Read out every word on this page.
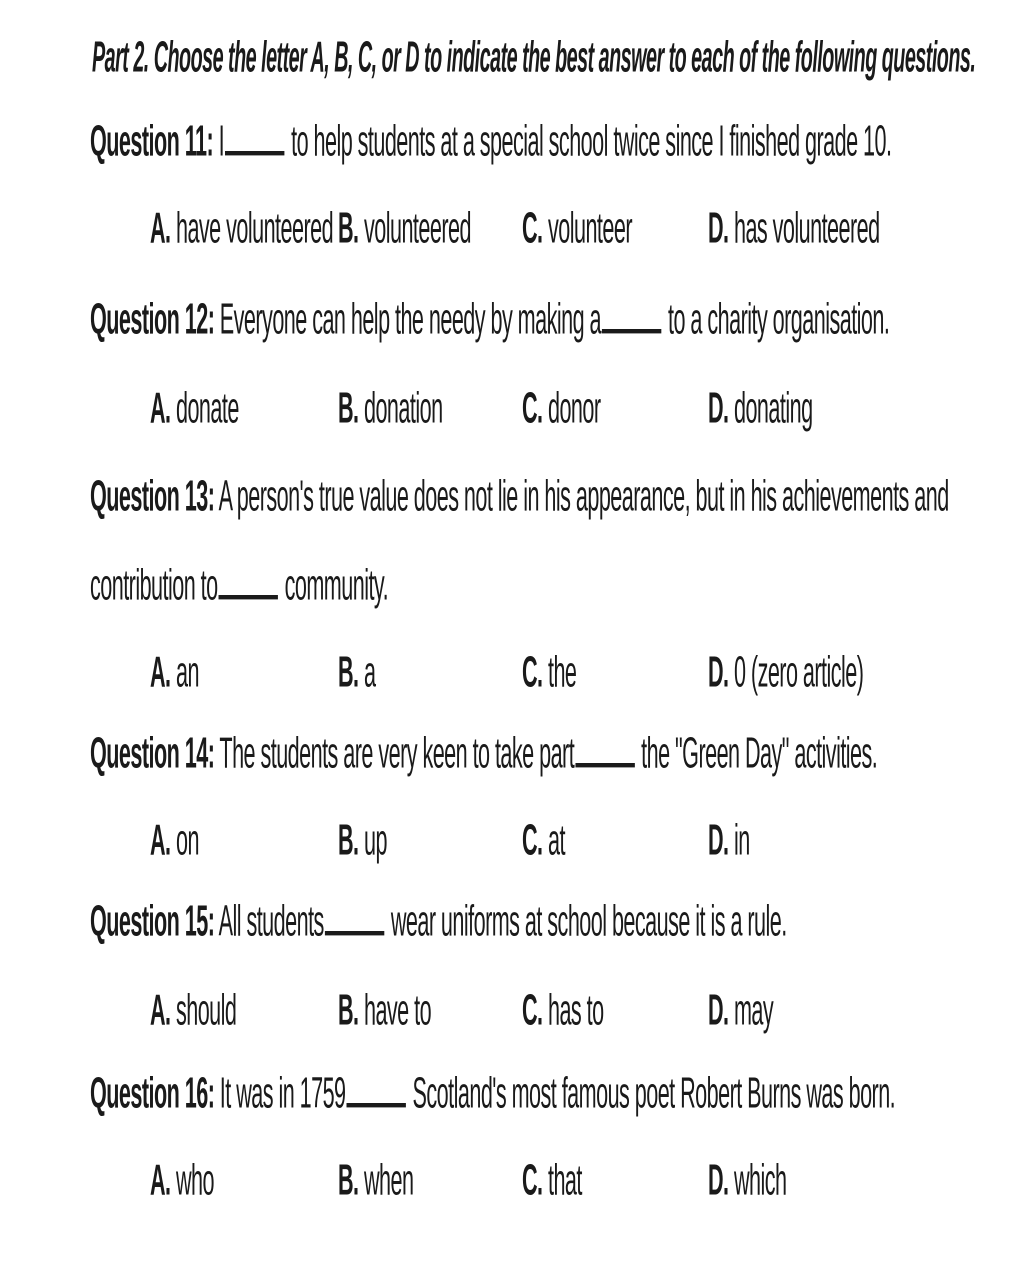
Part 2. Choose the letter A, B, C, or D to indicate the best answer to each of the following questions.
Question 11: I to help students at a special school twice since I finished grade 10.
A. have volunteered B. volunteered C. volunteer D. has volunteered
Question 12: Everyone can help the needy by making a to a charity organisation.
A. donate B. donation C. donor	D. donating
Question 13: A person's true value does not lie in his appearance, but in his achievements and
contribution to community.
A. an	B. a	C. the	D. 0 (zero article)
Question 14: The students are very keen to take part the "Green Day" activities.
A. on	B. up	C. at	D. in
Question 15: All students wear uniforms at school because it is a rule.
A. should	B. have to C. has to	D. may
Question 16: It was in 1759 Scotland's most famous poet Robert Burns was born.
A. who	B. when	C. that	D. which
